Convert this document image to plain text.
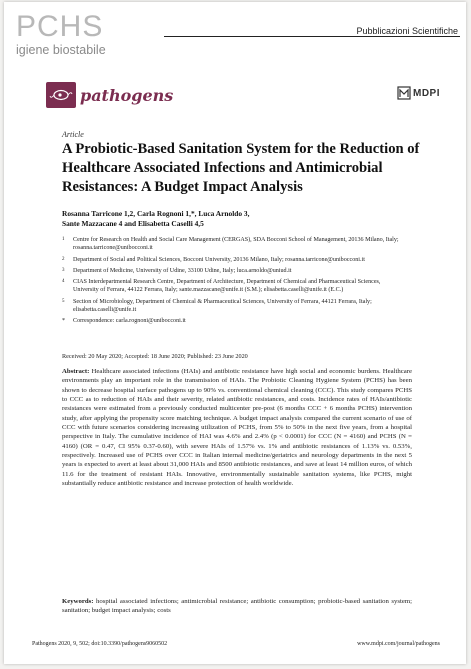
PCHS
igiene biostabile
Pubblicazioni Scientifiche
pathogens	MDPI
Article
A Probiotic-Based Sanitation System for the Reduction of Healthcare Associated Infections and Antimicrobial Resistances: A Budget Impact Analysis
Rosanna Tarricone 1,2, Carla Rognoni 1,*, Luca Arnoldo 3,
Sante Mazzacane 4 and Elisabetta Caselli 4,5
1 Centre for Research on Health and Social Care Management (CERGAS), SDA Bocconi School of Management, 20136 Milano, Italy; rosanna.tarricone@unibocconi.it
2 Department of Social and Political Sciences, Bocconi University, 20136 Milano, Italy; rosanna.tarricone@unibocconi.it
3 Department of Medicine, University of Udine, 33100 Udine, Italy; luca.arnoldo@uniud.it
4 CIAS Interdepartmental Research Centre, Department of Architecture, Department of Chemical and Pharmaceutical Sciences, University of Ferrara, 44122 Ferrara, Italy; sante.mazzacane@unife.it (S.M.); elisabetta.caselli@unife.it (E.C.)
5 Section of Microbiology, Department of Chemical & Pharmaceutical Sciences, University of Ferrara, 44121 Ferrara, Italy; elisabetta.caselli@unife.it
* Correspondence: carla.rognoni@unibocconi.it
Received: 20 May 2020; Accepted: 18 June 2020; Published: 23 June 2020

Abstract: Healthcare associated infections (HAIs) and antibiotic resistance have high social and economic burdens. Healthcare environments play an important role in the transmission of HAIs. The Probiotic Cleaning Hygiene System (PCHS) has been shown to decrease hospital surface pathogens up to 90% vs. conventional chemical cleaning (CCC). This study compares PCHS to CCC as to reduction of HAIs and their severity, related antibiotic resistances, and costs. Incidence rates of HAIs/antibiotic resistances were estimated from a previously conducted multicenter pre-post (6 months CCC + 6 months PCHS) intervention study, after applying the propensity score matching technique. A budget impact analysis compared the current scenario of use of CCC with future scenarios considering increasing utilization of PCHS, from 5% to 50% in the next five years, from a hospital perspective in Italy. The cumulative incidence of HAI was 4.6% and 2.4% (p < 0.0001) for CCC (N = 4160) and PCHS (N = 4160) (OR = 0.47, CI 95% 0.37-0.60), with severe HAIs of 1.57% vs. 1% and antibiotic resistances of 1.13% vs. 0.53%, respectively. Increased use of PCHS over CCC in Italian internal medicine/geriatrics and neurology departments in the next 5 years is expected to avert at least about 31,000 HAIs and 8500 antibiotic resistances, and save at least 14 million euros, of which 11.6 for the treatment of resistant HAIs. Innovative, environmentally sustainable sanitation systems, like PCHS, might substantially reduce antibiotic resistance and increase protection of health worldwide.

Keywords: hospital associated infections; antimicrobial resistance; antibiotic consumption; probiotic-based sanitation system; sanitation; budget impact analysis; costs
Pathogens 2020, 9, 502; doi:10.3390/pathogens9060502	www.mdpi.com/journal/pathogens
